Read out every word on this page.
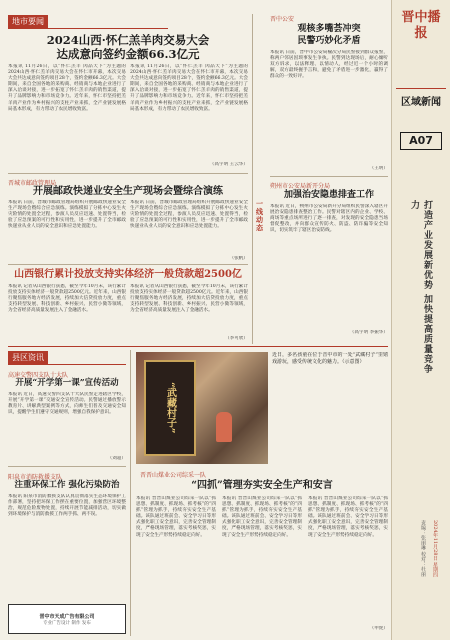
地市要闻
2024山西·怀仁羔羊肉交易大会
达成意向签约金额66.3亿元
本报讯 11月26日，以“怀仁羔羊 肉品天下”为主题的2024山西·怀仁羔羊肉交易大会在怀仁市开幕，本次交易大会共达成意向签约项目28个，签约金额66.3亿元。大会期间，来自全国各地的采购商、经销商与本地企业进行了深入洽谈对接，进一步拓宽了怀仁羔羊肉的销售渠道，提升了品牌影响力和市场竞争力。近年来，怀仁市坚持把羔羊肉产业作为乡村振兴的支柱产业来抓，全产业链发展格局基本形成，有力带动了农民增收致富。
本报讯 11月26日，以“怀仁羔羊 肉品天下”为主题的2024山西·怀仁羔羊肉交易大会在怀仁市开幕，本次交易大会共达成意向签约项目28个，签约金额66.3亿元。大会期间，来自全国各地的采购商、经销商与本地企业进行了深入洽谈对接，进一步拓宽了怀仁羔羊肉的销售渠道，提升了品牌影响力和市场竞争力。近年来，怀仁市坚持把羔羊肉产业作为乡村振兴的支柱产业来抓，全产业链发展格局基本形成，有力带动了农民增收致富。
（高宇明 王云华）
晋城市邮政管理局
开展邮政快递业安全生产现场会暨综合演练
本报讯 日前，晋城市邮政管理局组织开展邮政快递业安全生产现场会暨综合应急演练。演练模拟了分拣中心发生火灾险情的处置全过程，参演人员反应迅速、处置得当，检验了应急预案的可行性和实用性，进一步提升了全市邮政快递业从业人员的安全意识和应急处置能力。
本报讯 日前，晋城市邮政管理局组织开展邮政快递业安全生产现场会暨综合应急演练。演练模拟了分拣中心发生火灾险情的处置全过程，参演人员反应迅速、处置得当，检验了应急预案的可行性和实用性，进一步提升了全市邮政快递业从业人员的安全意识和应急处置能力。
（张帆）
山西银行累计投放支持实体经济一般贷款超2500亿
本报讯 记者从山西银行获悉，截至今年10月末，该行累计投放支持实体经济一般贷款超2500亿元。近年来，山西银行聚焦服务地方经济发展，持续加大信贷投放力度，重点支持转型发展、科技创新、乡村振兴、民营小微等领域，为全省经济高质量发展注入了金融活水。
本报讯 记者从山西银行获悉，截至今年10月末，该行累计投放支持实体经济一般贷款超2500亿元。近年来，山西银行聚焦服务地方经济发展，持续加大信贷投放力度，重点支持转型发展、科技创新、乡村振兴、民营小微等领域，为全省经济高质量发展注入了金融活水。
（李可欣）
一线动态
晋中公安
观核多嘴荟冲突
民警巧妙化矛盾
本报讯 日前，晋中市公安局榆次分局民警接到群众报警，称两户邻居因琐事发生争执。民警到达现场后，耐心倾听双方诉求，以法释理、以情动人，经过近一个小时的调解，双方最终握手言和，避免了矛盾进一步激化，赢得了群众的一致好评。
（王明）
朔州市公安局新开分局
加强治安隐患排查工作
本报讯 近日，朔州市公安局新开分局组织民警深入辖区开展治安隐患排查整治工作。民警对辖区内的企业、学校、商场等重点场所进行了逐一排查，对发现的安全隐患当场督促整改，并向群众宣传防火、防盗、防诈骗等安全知识，切实筑牢了辖区治安防线。
（高宇明 李振华）
县区资讯
高速交警四支队十大队
开展“开学第一课”宣传活动
本报讯 近日，高速交警四支队十大队民警走进辖区学校，开展“开学第一课”交通安全宣传活动。民警通过播放警示教育片、讲解典型案例等方式，向师生们普及交通安全知识，提醒学生们遵守交通规则，增强自我保护意识。
（刘超）
阳泉市消防救援支队
注重环保工作 强化污染防治
本报讯 阳泉市消防救援支队认真贯彻落实生态环境保护工作部署，坚持把环保工作摆在重要位置，加强营区环境整治，规范危险废物处置，持续开展节能减排活动，切实做到环境保护与消防救援工作两手抓、两不误。
晋中市天成广告有限公司
专业广告设计 制作 发布
“武藏村子”
近日，多名孩童在位于晋中市的一处“武藏村子”里嬉戏游玩，感受传统文化的魅力。（示意图）
晋晋山煤业公司综采一队
“四抓”管理夯实安全生产和安言
本报讯 晋晋山煤业公司综采一队以“抓思想、抓制度、抓现场、抓考核”的“四抓”管理为抓手，持续夯实安全生产基础。该队通过班前会、安全学习日等形式强化职工安全意识，完善安全管理制度，严格现场管理，落实考核奖惩，实现了安全生产形势持续稳定向好。
本报讯 晋晋山煤业公司综采一队以“抓思想、抓制度、抓现场、抓考核”的“四抓”管理为抓手，持续夯实安全生产基础。该队通过班前会、安全学习日等形式强化职工安全意识，完善安全管理制度，严格现场管理，落实考核奖惩，实现了安全生产形势持续稳定向好。
本报讯 晋晋山煤业公司综采一队以“抓思想、抓制度、抓现场、抓考核”的“四抓”管理为抓手，持续夯实安全生产基础。该队通过班前会、安全学习日等形式强化职工安全意识，完善安全管理制度，严格现场管理，落实考核奖惩，实现了安全生产形势持续稳定向好。
（申虎）
晋中播报
区域新闻
A07
打造产业发展新优势 加快提高质量竞争力
2024年11月28日 星期四
责编：张丽琳 校对：杜丽
